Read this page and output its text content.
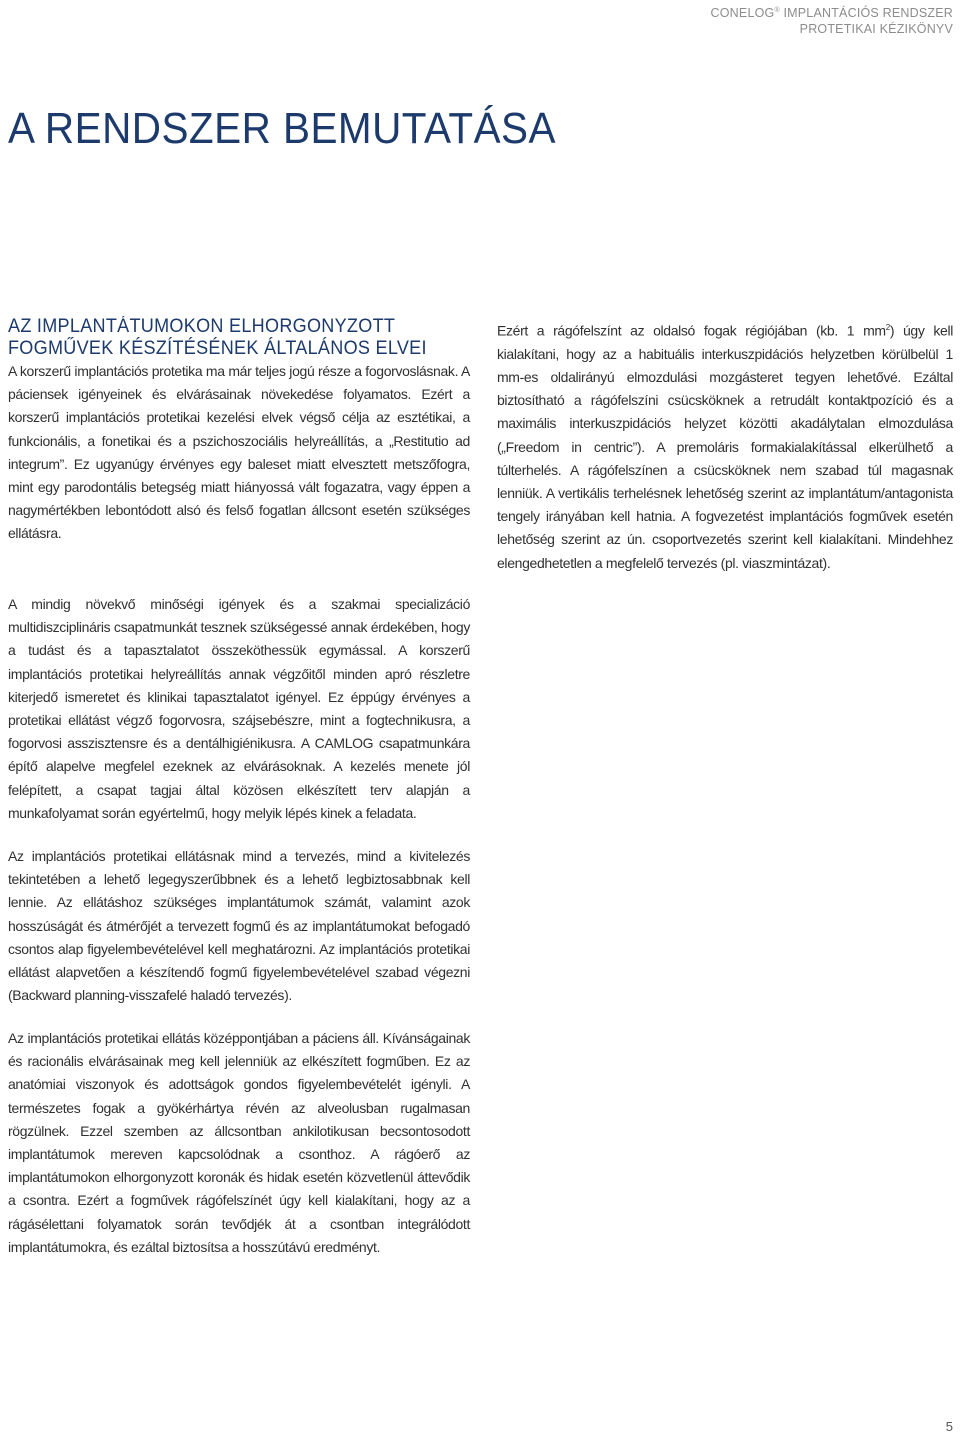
CONELOG® IMPLANTÁCIÓS RENDSZER
PROTETIKAI KÉZIKÖNYV
A RENDSZER BEMUTATÁSA
AZ IMPLANTÁTUMOKON ELHORGONYZOTT
FOGMŰVEK KÉSZÍTÉSÉNEK ÁLTALÁNOS ELVEI

A korszerű implantációs protetika ma már teljes jogú része a fogorvoslásnak. A páciensek igényeinek és elvárásainak növekedése folyamatos. Ezért a korszerű implantációs protetikai kezelési elvek végső célja az esztétikai, a funkcionális, a fonetikai és a pszichoszociális helyreállítás, a „Restitutio ad integrum”. Ez ugyanúgy érvényes egy baleset miatt elvesztett metszőfogra, mint egy parodontális betegség miatt hiányossá vált fogazatra, vagy éppen a nagymértékben lebontódott alsó és felső fogatlan állcsont esetén szükséges ellátásra.

A mindig növekvő minőségi igények és a szakmai specializáció multidiszciplináris csapatmunkát tesznek szükségessé annak érdekében, hogy a tudást és a tapasztalatot összeköthessük egymással. A korszerű implantációs protetikai helyreállítás annak végzőitől minden apró részletre kiterjedő ismeretet és klinikai tapasztalatot igényel. Ez éppúgy érvényes a protetikai ellátást végző fogorvosra, szájsebészre, mint a fogtechnikusra, a fogorvosi asszisztensre és a dentálhigiénikusra. A CAMLOG csapatmunkára építő alapelve megfelel ezeknek az elvárásoknak. A kezelés menete jól felépített, a csapat tagjai által közösen elkészített terv alapján a munkafolyamat során egyértelmű, hogy melyik lépés kinek a feladata.

Az implantációs protetikai ellátásnak mind a tervezés, mind a kivitelezés tekintetében a lehető legegyszerűbbnek és a lehető legbiztosabbnak kell lennie. Az ellátáshoz szükséges implantátumok számát, valamint azok hosszúságát és átmérőjét a tervezett fogmű és az implantátumokat befogadó csontos alap figyelembevételével kell meghatározni. Az implantációs protetikai ellátást alapvetően a készítendő fogmű figyelembevételével szabad végezni (Backward planning-visszafelé haladó tervezés).

Az implantációs protetikai ellátás középpontjában a páciens áll. Kívánságainak és racionális elvárásainak meg kell jelenniük az elkészített fogműben. Ez az anatómiai viszonyok és adottságok gondos figyelembevételét igényli. A természetes fogak a gyökérhártya révén az alveolusban rugalmasan rögzülnek. Ezzel szemben az állcsontban ankilotikusan becsontosodott implantátumok mereven kapcsolódnak a csonthoz. A rágóerő az implantátumokon elhorgonyzott koronák és hidak esetén közvetlenül áttevődik a csontra. Ezért a fogművek rágófelszínét úgy kell kialakítani, hogy az a rágásélettani folyamatok során tevődjék át a csontban integrálódott implantátumokra, és ezáltal biztosítsa a hosszútávú eredményt.

Ezért a rágófelszínt az oldalsó fogak régiójában (kb. 1 $mm^2$) úgy kell kialakítani, hogy az a habituális interkuszpidációs helyzetben körülbelül 1 mm-es oldalirányú elmozdulási mozgásteret tegyen lehetővé. Ezáltal biztosítható a rágófelszíni csücsköknek a retrudált kontaktpozíció és a maximális interkuszpidációs helyzet közötti akadálytalan elmozdulása („Freedom in centric”). A premoláris formakialakítással elkerülhető a túlterhelés. A rágófelszínen a csücsköknek nem szabad túl magasnak lenniük. A vertikális terhelésnek lehetőség szerint az implantátum/antagonista tengely irányában kell hatnia. A fogvezetést implantációs fogművek esetén lehetőség szerint az ún. csoportvezetés szerint kell kialakítani. Mindehhez elengedhetetlen a megfelelő tervezés (pl. viaszmintázat).

5
